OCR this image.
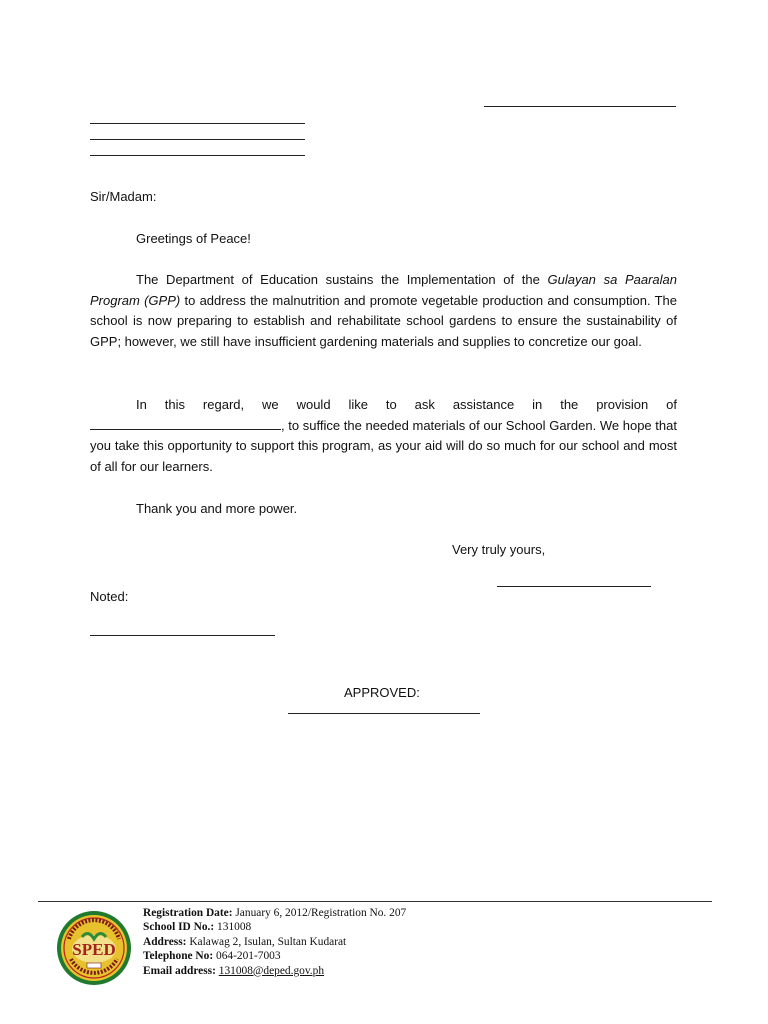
Sir/Madam:
Greetings of Peace!
The Department of Education sustains the Implementation of the Gulayan sa Paaralan Program (GPP) to address the malnutrition and promote vegetable production and consumption. The school is now preparing to establish and rehabilitate school gardens to ensure the sustainability of GPP; however, we still have insufficient gardening materials and supplies to concretize our goal.
In this regard, we would like to ask assistance in the provision of , to suffice the needed materials of our School Garden. We hope that you take this opportunity to support this program, as your aid will do so much for our school and most of all for our learners.
Thank you and more power.
Very truly yours,
Noted:
APPROVED:
SPED
Registration Date: January 6, 2012/Registration No. 207
School ID No.: 131008
Address: Kalawag 2, Isulan, Sultan Kudarat
Telephone No: 064-201-7003
Email address: 131008@deped.gov.ph
